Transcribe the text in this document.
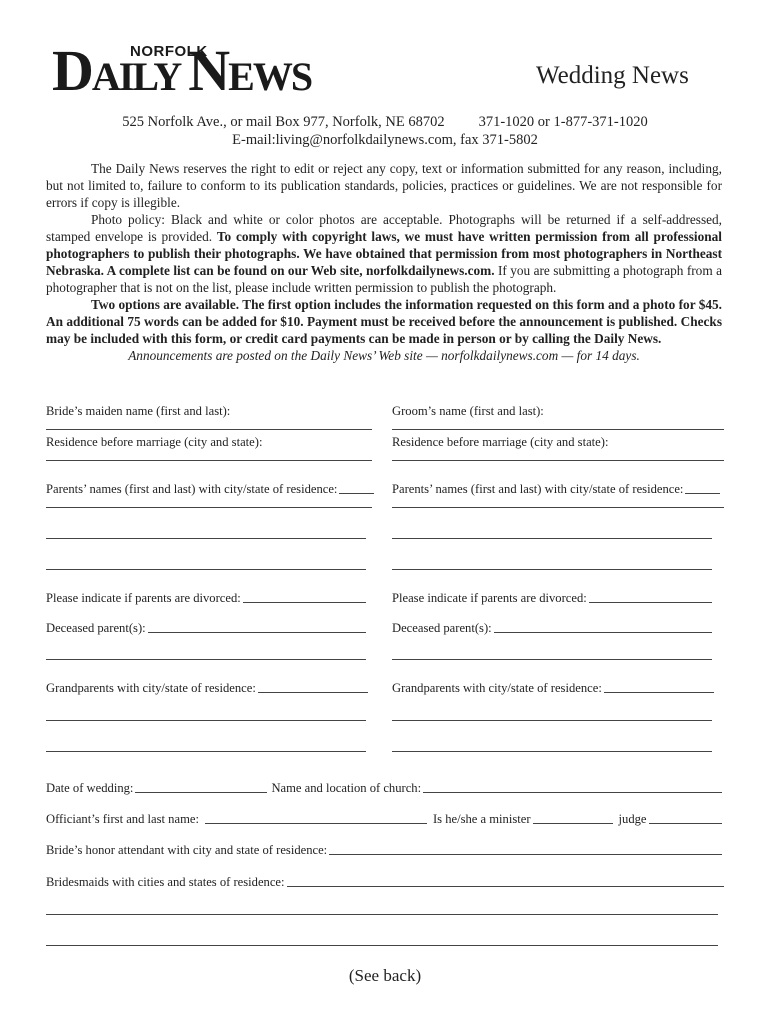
DAILY NEWS
NORFOLK
Wedding News
525 Norfolk Ave., or mail Box 977, Norfolk, NE 68702 371-1020 or 1-877-371-1020
E-mail:living@norfolkdailynews.com, fax 371-5802

The Daily News reserves the right to edit or reject any copy, text or information submitted for any reason, including, but not limited to, failure to conform to its publication standards, policies, practices or guidelines. We are not responsible for errors if copy is illegible.

Photo policy: Black and white or color photos are acceptable. Photographs will be returned if a self-addressed, stamped envelope is provided. To comply with copyright laws, we must have written permission from all professional photographers to publish their photographs. We have obtained that permission from most photographers in Northeast Nebraska. A complete list can be found on our Web site, norfolkdailynews.com. If you are submitting a photograph from a photographer that is not on the list, please include written permission to publish the photograph.

Two options are available. The first option includes the information requested on this form and a photo for $45. An additional 75 words can be added for $10. Payment must be received before the announcement is published. Checks may be included with this form, or credit card payments can be made in person or by calling the Daily News.

Announcements are posted on the Daily News’ Web site — norfolkdailynews.com — for 14 days.

Bride’s maiden name (first and last):
Residence before marriage (city and state):
Parents’ names (first and last) with city/state of residence:
Please indicate if parents are divorced:
Deceased parent(s):
Grandparents with city/state of residence:
Groom’s name (first and last):
Residence before marriage (city and state):
Parents’ names (first and last) with city/state of residence:
Please indicate if parents are divorced:
Deceased parent(s):
Grandparents with city/state of residence:
Date of wedding:	Name and location of church:
Officiant’s first and last name:	Is he/she a minister	judge
Bride’s honor attendant with city and state of residence:
Bridesmaids with cities and states of residence:
(See back)
